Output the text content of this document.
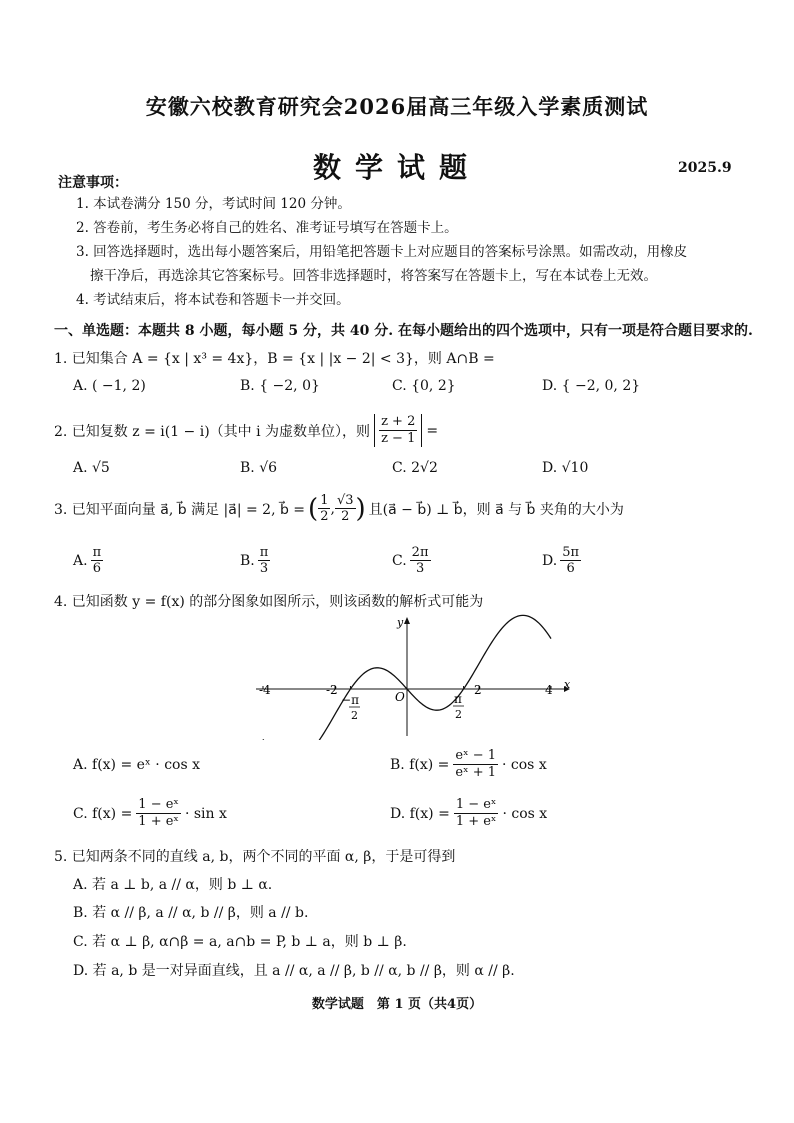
安徽六校教育研究会2026届高三年级入学素质测试
数学试题	2025.9
注意事项：
1. 本试卷满分 150 分，考试时间 120 分钟。
2. 答卷前，考生务必将自己的姓名、准考证号填写在答题卡上。
3. 回答选择题时，选出每小题答案后，用铅笔把答题卡上对应题目的答案标号涂黑。如需改动，用橡皮
擦干净后，再选涂其它答案标号。回答非选择题时，将答案写在答题卡上，写在本试卷上无效。
4. 考试结束后，将本试卷和答题卡一并交回。
一、单选题：本题共 8 小题，每小题 5 分，共 40 分. 在每小题给出的四个选项中，只有一项是符合题目要求的.
1. 已知集合 A = {x | x³ = 4x}，B = {x | |x − 2| < 3}，则 A∩B =
A. ( −1, 2)	B. { −2, 0}	C. {0, 2}	D. { −2, 0, 2}
2. 已知复数 z = i(1 − i)（其中 i 为虚数单位），则 $\frac{z + 2}{z - 1}$ =
A. √5	B. √6	C. 2√2	D. √10
3. 已知平面向量 a⃗, b⃗ 满足 |a⃗| = 2, b⃗ = ( $\frac{1}{2}$ , $\frac{√3}{2}$ ) 且(a⃗ − b⃗) ⊥ b⃗，则 a⃗ 与 b⃗ 夹角的大小为
A. $\frac{\pi}{6}$	B. $\frac{\pi}{3}$	C. $\frac{2\pi}{3}$	D. $\frac{5\pi}{6}$
4. 已知函数 y = f(x) 的部分图象如图所示，则该函数的解析式可能为
y
x
-4	-2
−π
2
O	π
2
2	4
A. f(x) = eˣ · cos x	B. $f(x) = \frac{\text{eˣ − 1}}{\text{eˣ + 1}} \cdot \cos x$
C. $f(x) = \frac{\text{1 − eˣ}}{\text{1 + eˣ}} \cdot \sin x$	D. $f(x) = \frac{\text{1 − eˣ}}{\text{1 + eˣ}} \cdot \cos x$
5. 已知两条不同的直线 a, b，两个不同的平面 α, β，于是可得到
A. 若 a ⊥ b, a // α，则 b ⊥ α.
B. 若 α // β, a // α, b // β，则 a // b.
C. 若 α ⊥ β, α∩β = a, a∩b = P, b ⊥ a，则 b ⊥ β.
D. 若 a, b 是一对异面直线，且 a // α, a // β, b // α, b // β，则 α // β.
数学试题　第 1 页（共4页）
